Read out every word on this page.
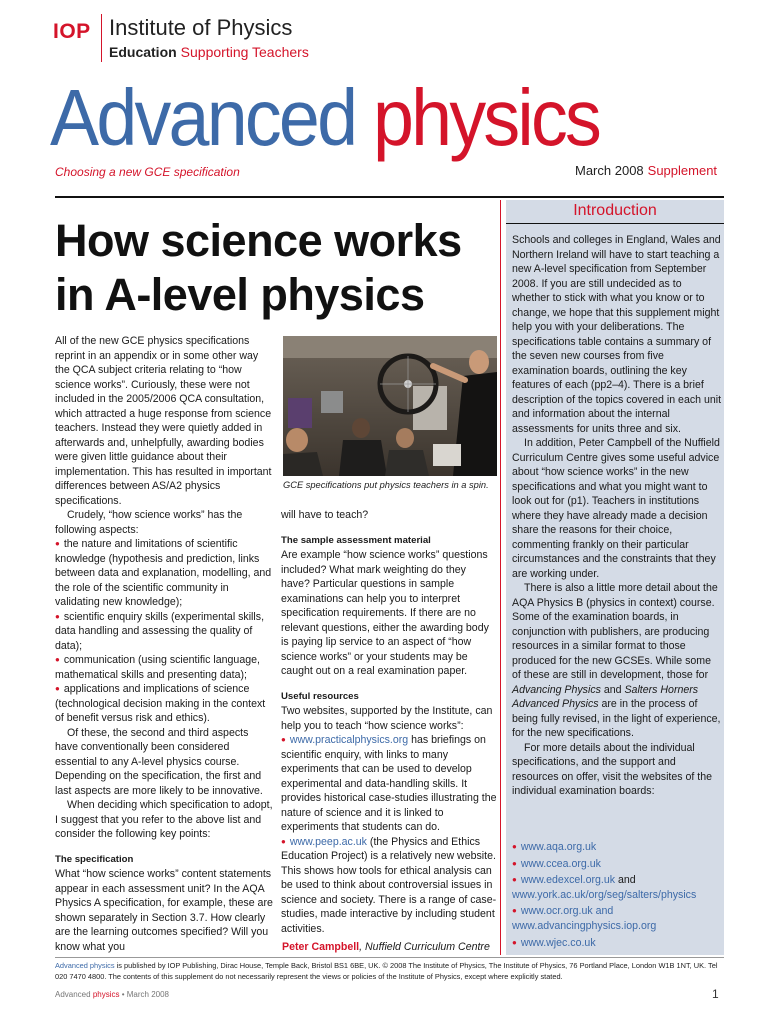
IOP Institute of Physics
Education Supporting Teachers
Advanced physics
Choosing a new GCE specification	March 2008 Supplement
How science works
in A-level physics

All of the new GCE physics specifications reprint in an appendix or in some other way the QCA subject criteria relating to “how science works”. Curiously, these were not included in the 2005/2006 QCA consultation, which attracted a huge response from science teachers. Instead they were quietly added in afterwards and, unhelpfully, awarding bodies were given little guidance about their implementation. This has resulted in important differences between AS/A2 physics specifications.

Crudely, “how science works” has the following aspects:

● the nature and limitations of scientific knowledge (hypothesis and prediction, links between data and explanation, modelling, and the role of the scientific community in validating new knowledge);

● scientific enquiry skills (experimental skills, data handling and assessing the quality of data);

● communication (using scientific language, mathematical skills and presenting data);

● applications and implications of science (technological decision making in the context of benefit versus risk and ethics).

Of these, the second and third aspects have conventionally been considered essential to any A-level physics course. Depending on the specification, the first and last aspects are more likely to be innovative.

When deciding which specification to adopt, I suggest that you refer to the above list and consider the following key points:

The specification

What “how science works” content statements appear in each assessment unit? In the AQA Physics A specification, for example, these are shown separately in Section 3.7. How clearly are the learning outcomes specified? Will you know what you

GCE specifications put physics teachers in a spin.

will have to teach?

The sample assessment material

Are example “how science works” questions included? What mark weighting do they have? Particular questions in sample examinations can help you to interpret specification requirements. If there are no relevant questions, either the awarding body is paying lip service to an aspect of “how science works” or your students may be caught out on a real examination paper.

Useful resources

Two websites, supported by the Institute, can help you to teach “how science works”:

● www.practicalphysics.org has briefings on scientific enquiry, with links to many experiments that can be used to develop experimental and data-handling skills. It provides historical case-studies illustrating the nature of science and it is linked to experiments that students can do.

● www.peep.ac.uk (the Physics and Ethics Education Project) is a relatively new website. This shows how tools for ethical analysis can be used to think about controversial issues in science and society. There is a range of case-studies, made interactive by including student activities.

Peter Campbell, Nuffield Curriculum Centre
Introduction

Schools and colleges in England, Wales and Northern Ireland will have to start teaching a new A-level specification from September 2008. If you are still undecided as to whether to stick with what you know or to change, we hope that this supplement might help you with your deliberations. The specifications table contains a summary of the seven new courses from five examination boards, outlining the key features of each (pp2–4). There is a brief description of the topics covered in each unit and information about the internal assessments for units three and six.

In addition, Peter Campbell of the Nuffield Curriculum Centre gives some useful advice about “how science works” in the new specifications and what you might want to look out for (p1). Teachers in institutions where they have already made a decision share the reasons for their choice, commenting frankly on their particular circumstances and the constraints that they are working under.

There is also a little more detail about the AQA Physics B (physics in context) course. Some of the examination boards, in conjunction with publishers, are producing resources in a similar format to those produced for the new GCSEs. While some of these are still in development, those for Advancing Physics and Salters Horners Advanced Physics are in the process of being fully revised, in the light of experience, for the new specifications.

For more details about the individual specifications, and the support and resources on offer, visit the websites of the individual examination boards:

● www.aqa.org.uk
● www.ccea.org.uk
● www.edexcel.org.uk and www.york.ac.uk/org/seg/salters/physics
● www.ocr.org.uk and www.advancingphysics.iop.org
● www.wjec.co.uk
Advanced physics is published by IOP Publishing, Dirac House, Temple Back, Bristol BS1 6BE, UK. © 2008 The Institute of Physics, The Institute of Physics, 76 Portland Place, London W1B 1NT, UK. Tel 020 7470 4800. The contents of this supplement do not necessarily represent the views or policies of the Institute of Physics, except where explicitly stated.
Advanced physics • March 2008	1
